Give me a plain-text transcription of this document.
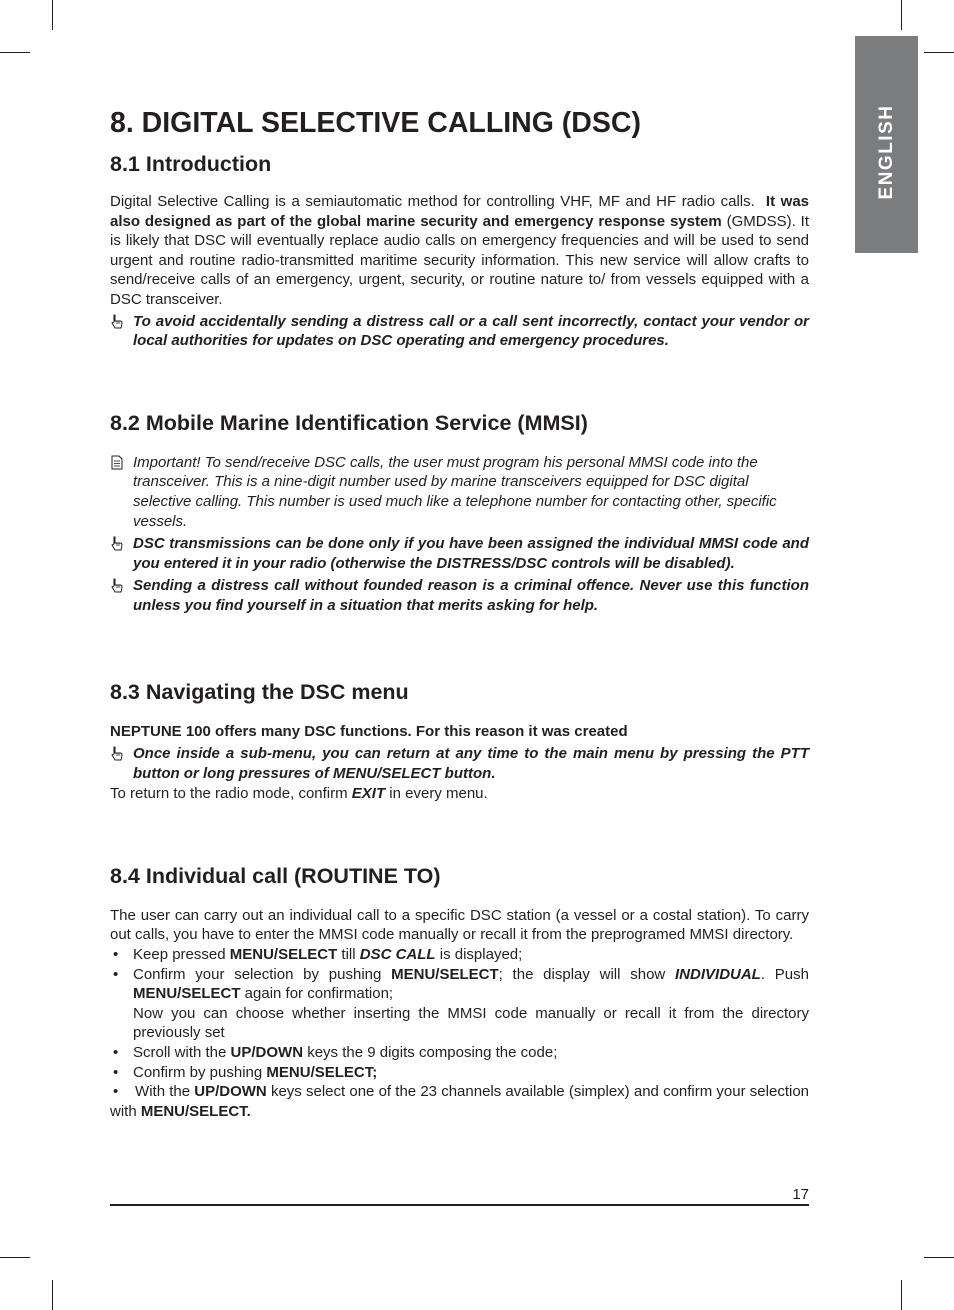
ENGLISH
8. DIGITAL SELECTIVE CALLING (DSC)
8.1 Introduction
Digital Selective Calling is a semiautomatic method for controlling VHF, MF and HF radio calls. It was also designed as part of the global marine security and emergency response system (GMDSS). It is likely that DSC will eventually replace audio calls on emergency frequencies and will be used to send urgent and routine radio-transmitted maritime security information. This new service will allow crafts to send/receive calls of an emergency, urgent, security, or routine nature to/ from vessels equipped with a DSC transceiver.
To avoid accidentally sending a distress call or a call sent incorrectly, contact your vendor or local authorities for updates on DSC operating and emergency procedures.
8.2 Mobile Marine Identification Service (MMSI)
Important! To send/receive DSC calls, the user must program his personal MMSI code into the transceiver. This is a nine-digit number used by marine transceivers equipped for DSC digital selective calling. This number is used much like a telephone number for contacting other, specific vessels.
DSC transmissions can be done only if you have been assigned the individual MMSI code and you entered it in your radio (otherwise the DISTRESS/DSC controls will be disabled).
Sending a distress call without founded reason is a criminal offence. Never use this function unless you find yourself in a situation that merits asking for help.
8.3 Navigating the DSC menu
NEPTUNE 100 offers many DSC functions. For this reason it was created
Once inside a sub-menu, you can return at any time to the main menu by pressing the PTT button or long pressures of MENU/SELECT button.
To return to the radio mode, confirm EXIT in every menu.
8.4 Individual call (ROUTINE TO)
The user can carry out an individual call to a specific DSC station (a vessel or a costal station). To carry out calls, you have to enter the MMSI code manually or recall it from the preprogramed MMSI directory.
• Keep pressed MENU/SELECT till DSC CALL is displayed;
• Confirm your selection by pushing MENU/SELECT; the display will show INDIVIDUAL. Push MENU/SELECT again for confirmation;
Now you can choose whether inserting the MMSI code manually or recall it from the directory previously set
• Scroll with the UP/DOWN keys the 9 digits composing the code;
• Confirm by pushing MENU/SELECT;
• With the UP/DOWN keys select one of the 23 channels available (simplex) and confirm your selection with MENU/SELECT.
17
